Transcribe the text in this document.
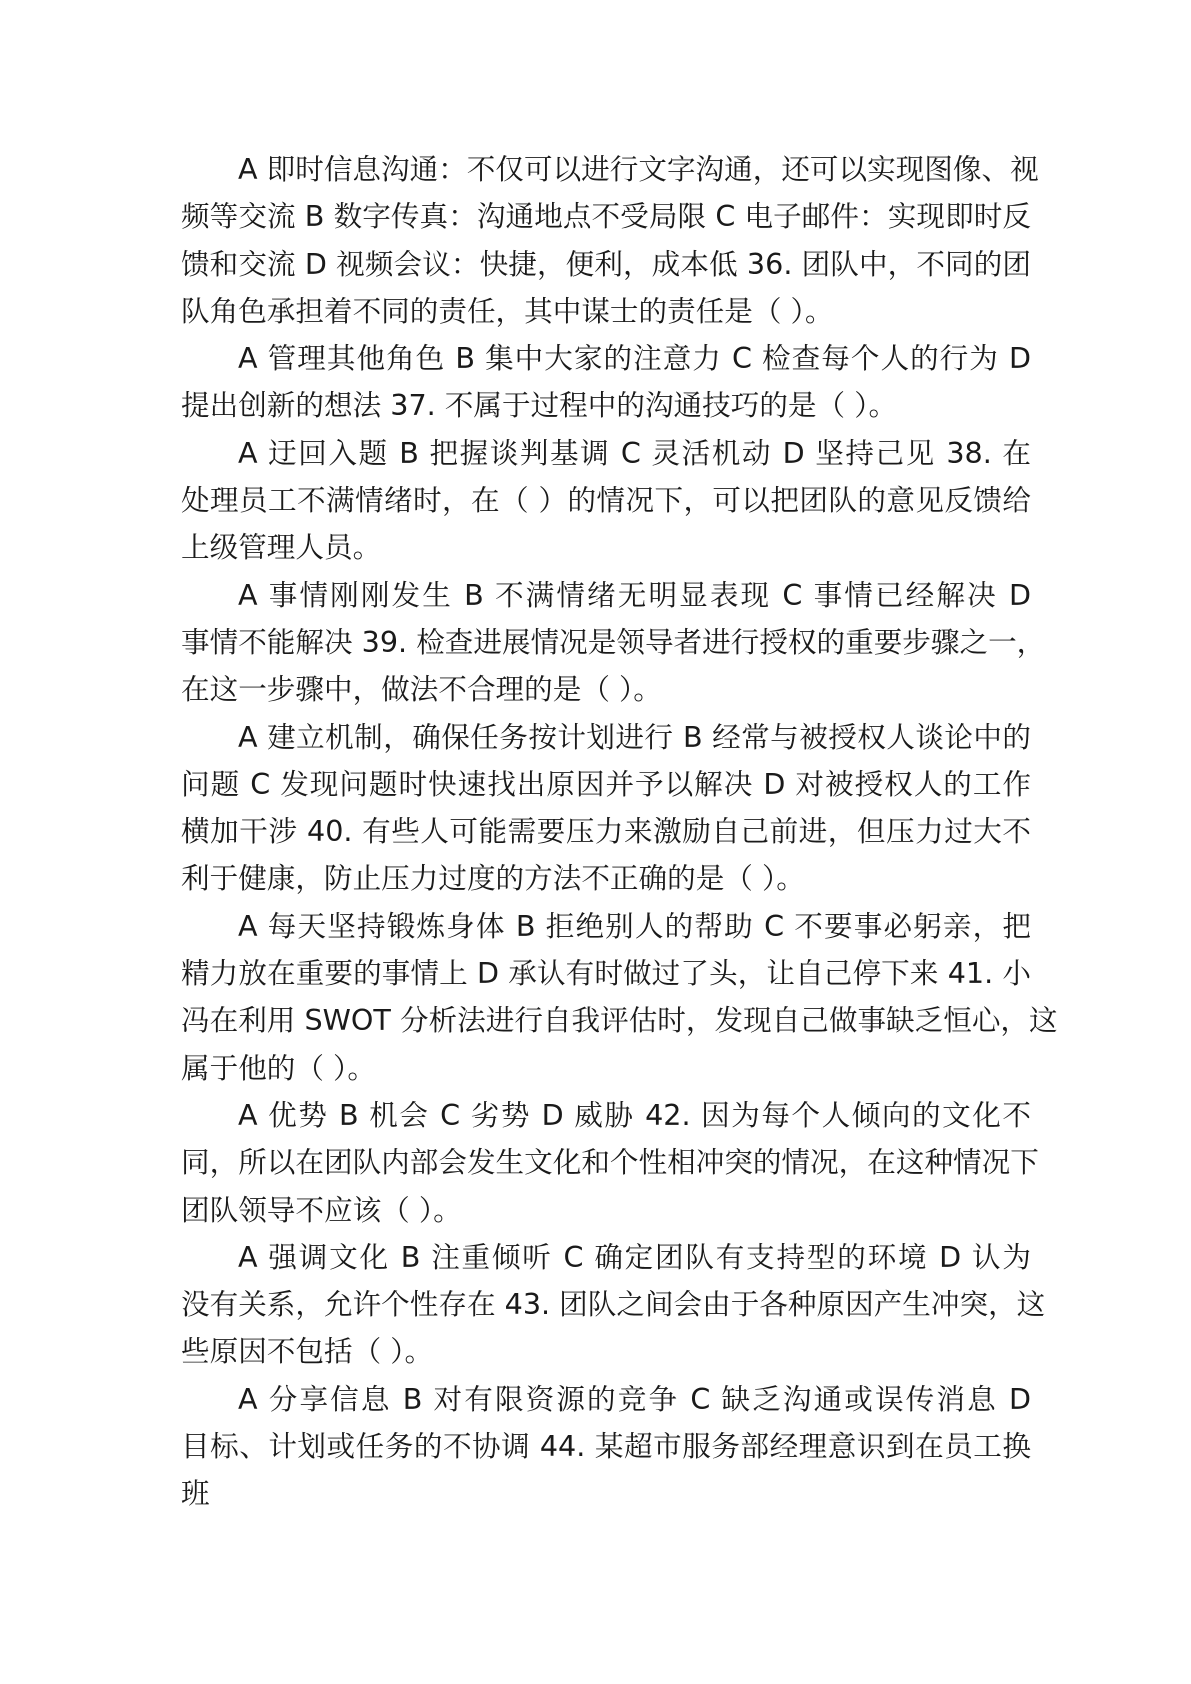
A 即时信息沟通：不仅可以进行文字沟通，还可以实现图像、视
频等交流 B 数字传真：沟通地点不受局限 C 电子邮件：实现即时反
馈和交流 D 视频会议：快捷，便利，成本低 36. 团队中，不同的团
队角色承担着不同的责任，其中谋士的责任是（ ）。
A 管理其他角色 B 集中大家的注意力 C 检查每个人的行为 D
提出创新的想法 37. 不属于过程中的沟通技巧的是（ ）。
A 迂回入题 B 把握谈判基调 C 灵活机动 D 坚持己见 38. 在
处理员工不满情绪时，在（ ）的情况下，可以把团队的意见反馈给
上级管理人员。
A 事情刚刚发生 B 不满情绪无明显表现 C 事情已经解决 D
事情不能解决 39. 检查进展情况是领导者进行授权的重要步骤之一，
在这一步骤中，做法不合理的是（ ）。
A 建立机制，确保任务按计划进行 B 经常与被授权人谈论中的
问题 C 发现问题时快速找出原因并予以解决 D 对被授权人的工作
横加干涉 40. 有些人可能需要压力来激励自己前进，但压力过大不
利于健康，防止压力过度的方法不正确的是（ ）。
A 每天坚持锻炼身体 B 拒绝别人的帮助 C 不要事必躬亲，把
精力放在重要的事情上 D 承认有时做过了头，让自己停下来 41. 小
冯在利用 SWOT 分析法进行自我评估时，发现自己做事缺乏恒心，这
属于他的（ ）。
A 优势 B 机会 C 劣势 D 威胁 42. 因为每个人倾向的文化不
同，所以在团队内部会发生文化和个性相冲突的情况，在这种情况下
团队领导不应该（ ）。
A 强调文化 B 注重倾听 C 确定团队有支持型的环境 D 认为
没有关系，允许个性存在 43. 团队之间会由于各种原因产生冲突，这
些原因不包括（ ）。
A 分享信息 B 对有限资源的竞争 C 缺乏沟通或误传消息 D
目标、计划或任务的不协调 44. 某超市服务部经理意识到在员工换
班
